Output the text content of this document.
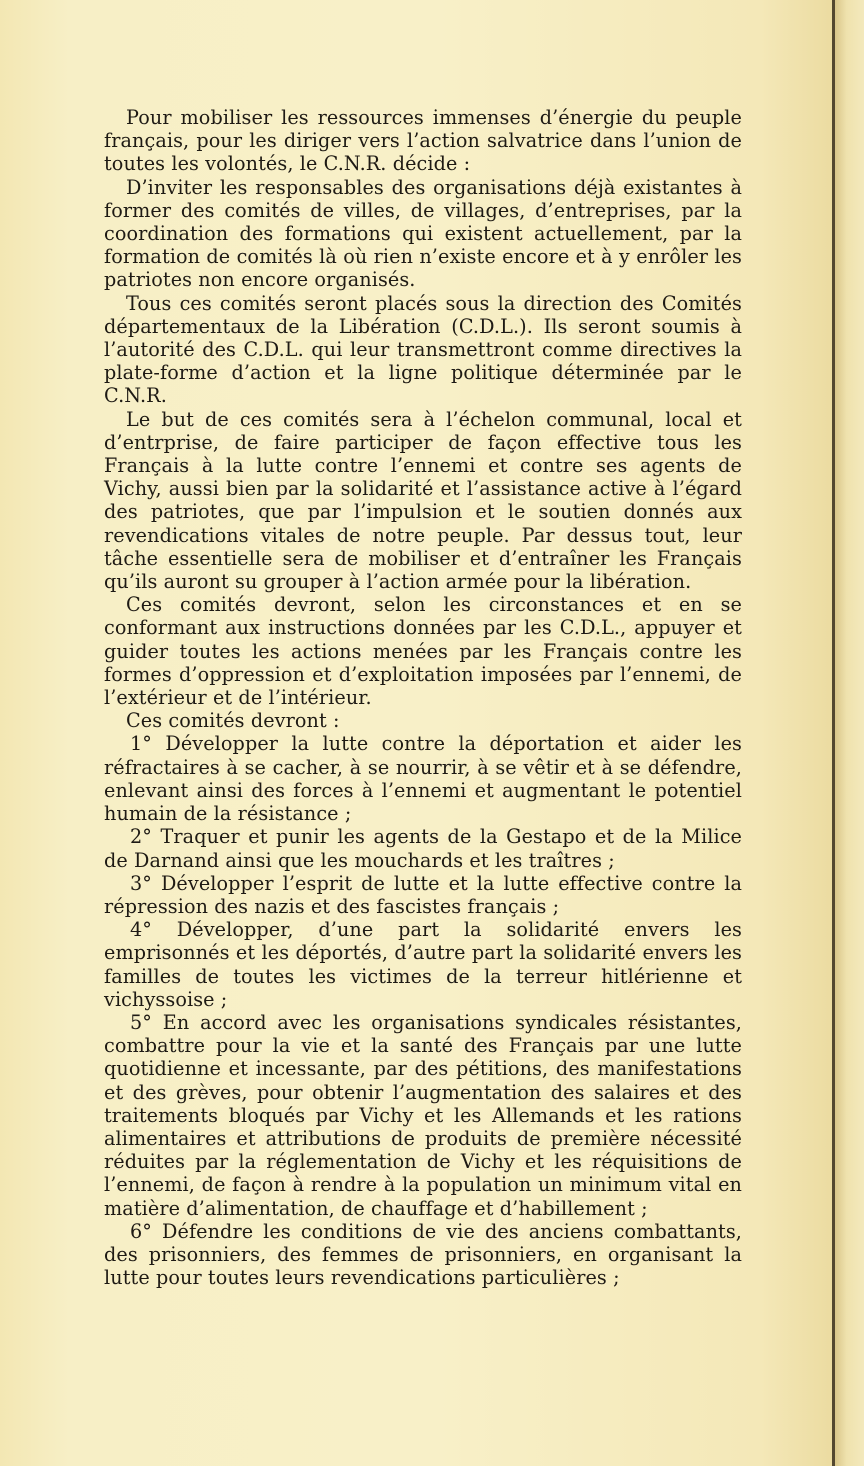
Pour mobiliser les ressources immenses d’énergie du peuple français, pour les diriger vers l’action salvatrice dans l’union de toutes les volontés, le C.N.R. décide :

D’inviter les responsables des organisations déjà existantes à former des comités de villes, de villages, d’entreprises, par la coordination des formations qui existent actuellement, par la formation de comités là où rien n’existe encore et à y enrôler les patriotes non encore organisés.

Tous ces comités seront placés sous la direction des Comités départementaux de la Libération (C.D.L.). Ils seront soumis à l’autorité des C.D.L. qui leur transmettront comme directives la plate-forme d’action et la ligne politique déterminée par le C.N.R.

Le but de ces comités sera à l’échelon communal, local et d’entrprise, de faire participer de façon effective tous les Français à la lutte contre l’ennemi et contre ses agents de Vichy, aussi bien par la solidarité et l’assistance active à l’égard des patriotes, que par l’impulsion et le soutien donnés aux revendications vitales de notre peuple. Par dessus tout, leur tâche essentielle sera de mobiliser et d’entraîner les Français qu’ils auront su grouper à l’action armée pour la libération.

Ces comités devront, selon les circonstances et en se conformant aux instructions données par les C.D.L., appuyer et guider toutes les actions menées par les Français contre les formes d’oppression et d’exploitation imposées par l’ennemi, de l’extérieur et de l’intérieur.

Ces comités devront :

1° Développer la lutte contre la déportation et aider les réfractaires à se cacher, à se nourrir, à se vêtir et à se défendre, enlevant ainsi des forces à l’ennemi et augmentant le potentiel humain de la résistance ;

2° Traquer et punir les agents de la Gestapo et de la Milice de Darnand ainsi que les mouchards et les traîtres ;

3° Développer l’esprit de lutte et la lutte effective contre la répression des nazis et des fascistes français ;

4° Développer, d’une part la solidarité envers les emprisonnés et les déportés, d’autre part la solidarité envers les familles de toutes les victimes de la terreur hitlérienne et vichyssoise ;

5° En accord avec les organisations syndicales résistantes, combattre pour la vie et la santé des Français par une lutte quotidienne et incessante, par des pétitions, des manifestations et des grèves, pour obtenir l’augmentation des salaires et des traitements bloqués par Vichy et les Allemands et les rations alimentaires et attributions de produits de première nécessité réduites par la réglementation de Vichy et les réquisitions de l’ennemi, de façon à rendre à la population un minimum vital en matière d’alimentation, de chauffage et d’habillement ;

6° Défendre les conditions de vie des anciens combattants, des prisonniers, des femmes de prisonniers, en organisant la lutte pour toutes leurs revendications particulières ;
